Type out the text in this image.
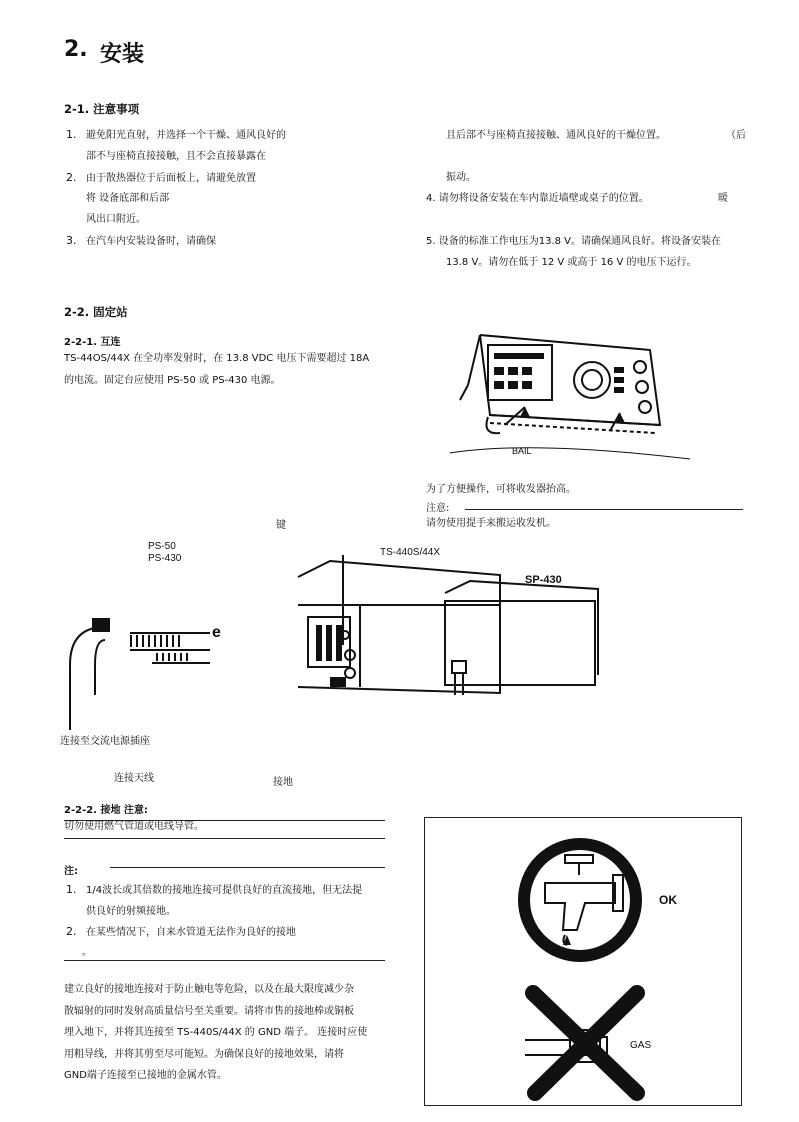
2. 安装
2-1. 注意事项
1. 避免阳光直射，并选择一个干燥、通风良好的
部不与座椅直接接触，且不会直接暴露在
2. 由于散热器位于后面板上，请避免放置
将 设备底部和后部
风出口附近。
3. 在汽车内安装设备时，请确保
且后部不与座椅直接接触、通风良好的干燥位置。	（后
振动。
4. 请勿将设备安装在车内靠近墙壁或桌子的位置。	暖
5. 设备的标准工作电压为13.8 V。请确保通风良好。将设备安装在
13.8 V。请勿在低于 12 V 或高于 16 V 的电压下运行。
2-2. 固定站
2-2-1. 互连
TS-44OS/44X 在全功率发射时，在 13.8 VDC 电压下需要超过 18A
的电流。固定台应使用 PS-50 或 PS-430 电源。
BAIL
为了方便操作，可将收发器抬高。
注意:
请勿使用提手来搬运收发机。
键
PS-50
PS-430
TS-440S/44X
SP-430
e
连接至交流电源插座
连接天线	接地
2-2-2. 接地 注意:
切勿使用燃气管道或电线导管。
注:
1. 1/4波长或其倍数的接地连接可提供良好的直流接地，但无法提
供良好的射频接地。
2. 在某些情况下，自来水管道无法作为良好的接地
。
建立良好的接地连接对于防止触电等危险，以及在最大限度减少杂
散辐射的同时发射高质量信号至关重要。请将市售的接地棒或铜板
埋入地下，并将其连接至 TS-440S/44X 的 GND 端子。 连接时应使
用粗导线，并将其剪至尽可能短。为确保良好的接地效果，请将
GND端子连接至已接地的金属水管。
OK
GAS
